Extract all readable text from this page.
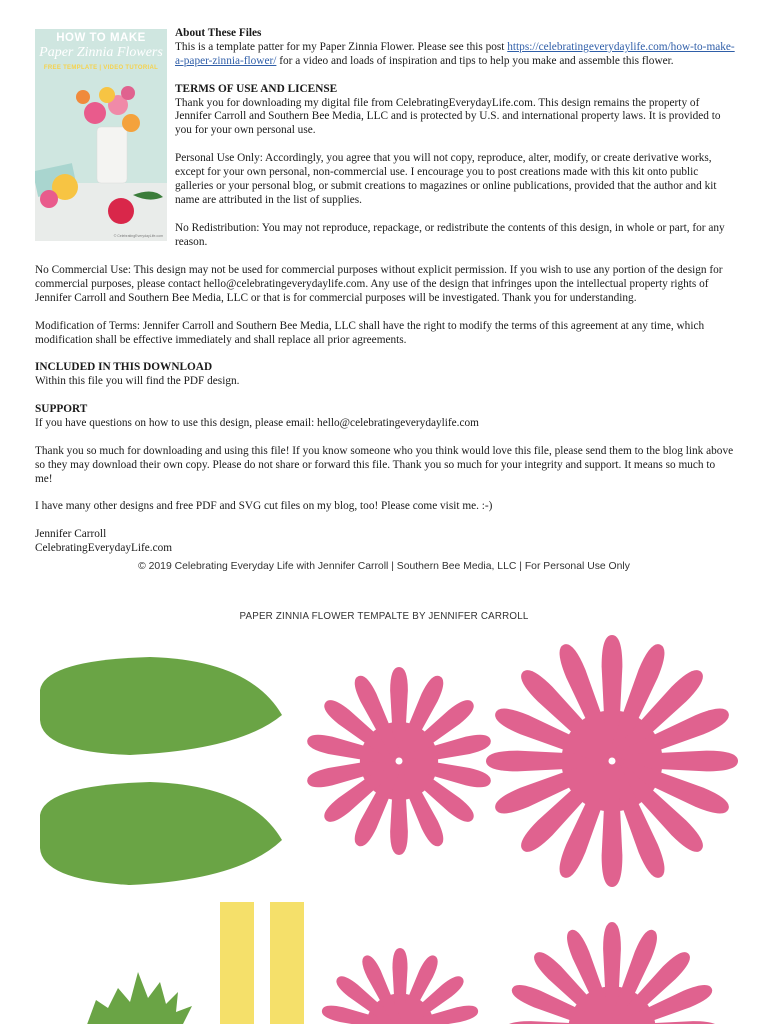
HOW TO MAKE
Paper Zinnia Flowers
FREE TEMPLATE | VIDEO TUTORIAL
© CelebratingEverydayLife.com

About These Files

This is a template patter for my Paper Zinnia Flower. Please see this post https://celebratingeverydaylife.com/how-to-make-a-paper-zinnia-flower/ for a video and loads of inspiration and tips to help you make and assemble this flower.

TERMS OF USE AND LICENSE

Thank you for downloading my digital file from CelebratingEverydayLife.com. This design remains the property of Jennifer Carroll and Southern Bee Media, LLC and is protected by U.S. and international property laws. It is provided to you for your own personal use.

Personal Use Only: Accordingly, you agree that you will not copy, reproduce, alter, modify, or create derivative works, except for your own personal, non-commercial use. I encourage you to post creations made with this kit onto public galleries or your personal blog, or submit creations to magazines or online publications, provided that the author and kit name are attributed in the list of supplies.

No Redistribution: You may not reproduce, repackage, or redistribute the contents of this design, in whole or part, for any reason.

No Commercial Use: This design may not be used for commercial purposes without explicit permission. If you wish to use any portion of the design for commercial purposes, please contact hello@celebratingeverydaylife.com. Any use of the design that infringes upon the intellectual property rights of Jennifer Carroll and Southern Bee Media, LLC or that is for commercial purposes will be investigated. Thank you for understanding.

Modification of Terms: Jennifer Carroll and Southern Bee Media, LLC shall have the right to modify the terms of this agreement at any time, which modification shall be effective immediately and shall replace all prior agreements.

INCLUDED IN THIS DOWNLOAD

Within this file you will find the PDF design.

SUPPORT

If you have questions on how to use this design, please email: hello@celebratingeverydaylife.com

Thank you so much for downloading and using this file! If you know someone who you think would love this file, please send them to the blog link above so they may download their own copy. Please do not share or forward this file. Thank you so much for your integrity and support. It means so much to me!

I have many other designs and free PDF and SVG cut files on my blog, too! Please come visit me. :-)

Jennifer Carroll

CelebratingEverydayLife.com

© 2019 Celebrating Everyday Life with Jennifer Carroll | Southern Bee Media, LLC | For Personal Use Only
PAPER ZINNIA FLOWER TEMPALTE BY JENNIFER CARROLL
